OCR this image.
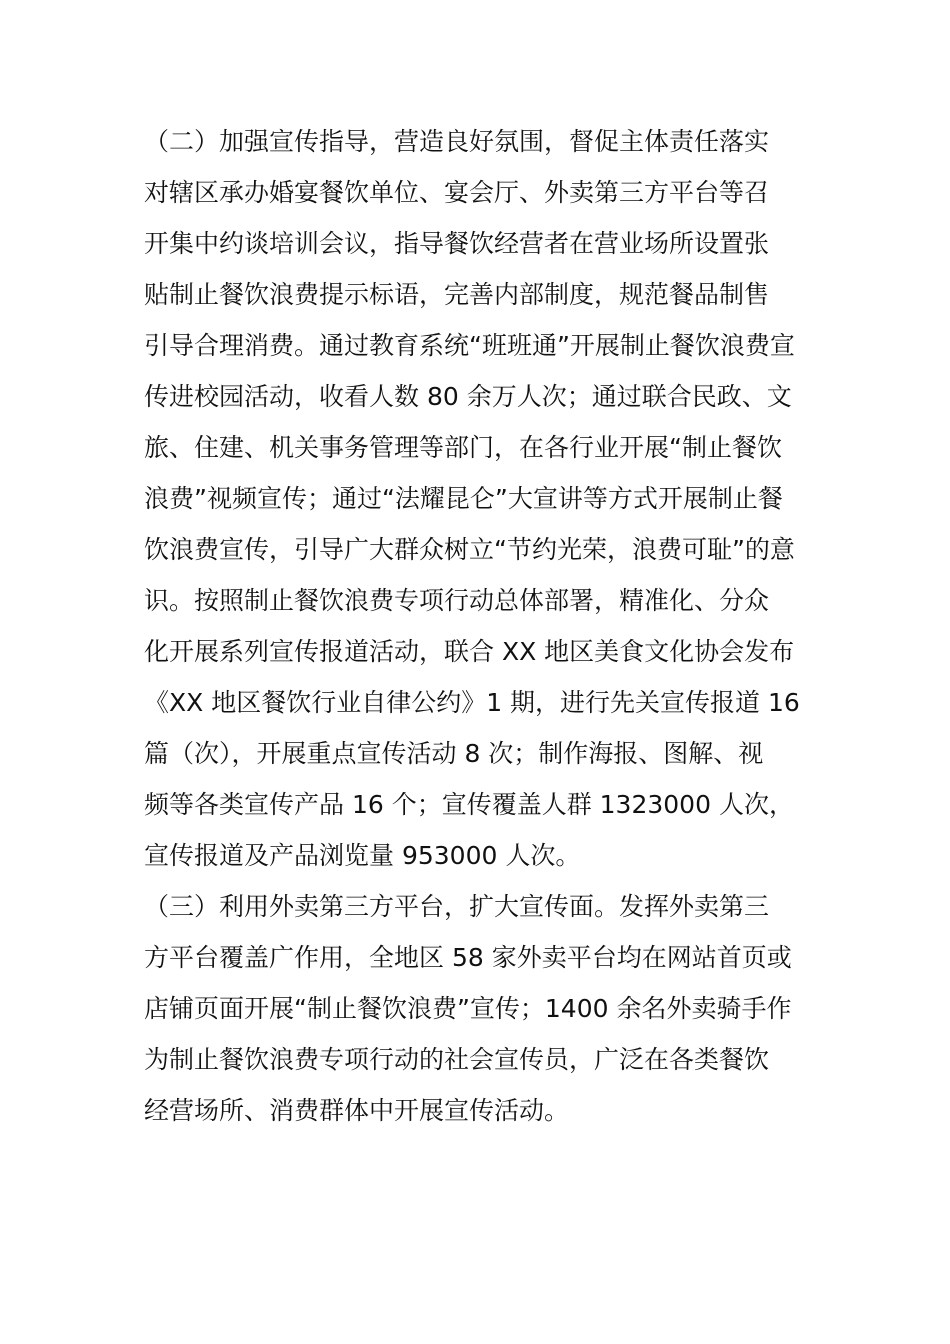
（二）加强宣传指导，营造良好氛围，督促主体责任落实
对辖区承办婚宴餐饮单位、宴会厅、外卖第三方平台等召
开集中约谈培训会议，指导餐饮经营者在营业场所设置张
贴制止餐饮浪费提示标语，完善内部制度，规范餐品制售
引导合理消费。通过教育系统“班班通”开展制止餐饮浪费宣
传进校园活动，收看人数 80 余万人次；通过联合民政、文
旅、住建、机关事务管理等部门，在各行业开展“制止餐饮
浪费”视频宣传；通过“法耀昆仑”大宣讲等方式开展制止餐
饮浪费宣传，引导广大群众树立“节约光荣，浪费可耻”的意
识。按照制止餐饮浪费专项行动总体部署，精准化、分众
化开展系列宣传报道活动，联合 XX 地区美食文化协会发布
《XX 地区餐饮行业自律公约》1 期，进行先关宣传报道 16
篇（次），开展重点宣传活动 8 次；制作海报、图解、视
频等各类宣传产品 16 个；宣传覆盖人群 1323000 人次，
宣传报道及产品浏览量 953000 人次。
（三）利用外卖第三方平台，扩大宣传面。发挥外卖第三
方平台覆盖广作用，全地区 58 家外卖平台均在网站首页或
店铺页面开展“制止餐饮浪费”宣传；1400 余名外卖骑手作
为制止餐饮浪费专项行动的社会宣传员，广泛在各类餐饮
经营场所、消费群体中开展宣传活动。
